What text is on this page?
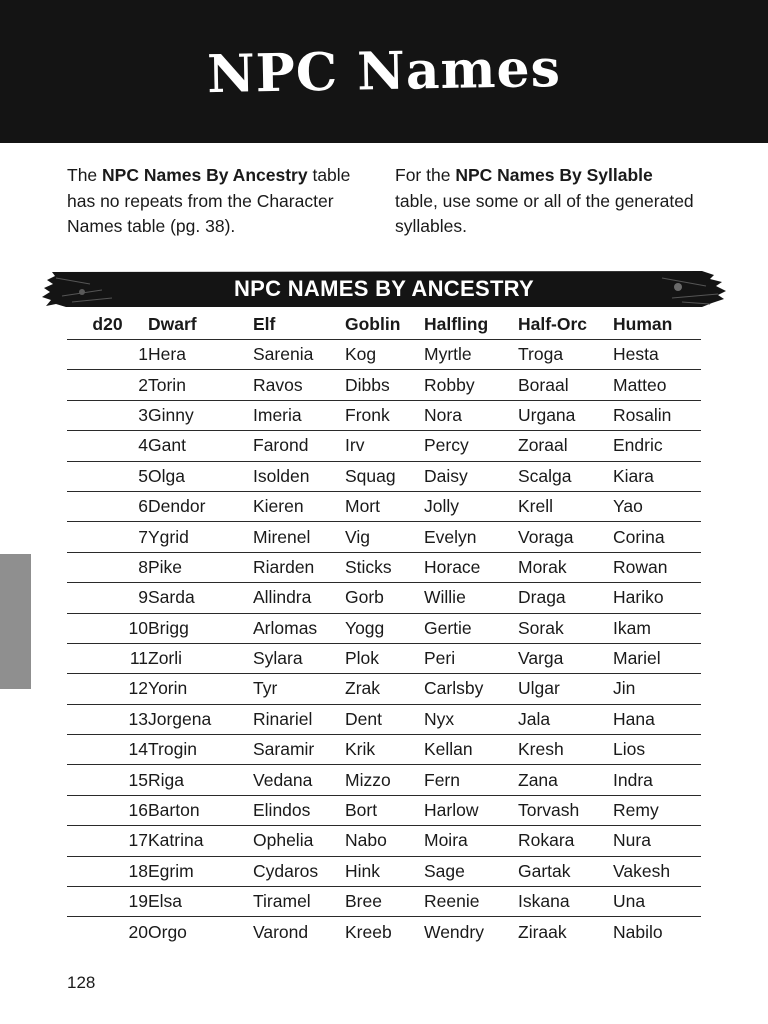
NPC Names
The NPC Names By Ancestry table has no repeats from the Character Names table (pg. 38).
For the NPC Names By Syllable table, use some or all of the generated syllables.
NPC NAMES BY ANCESTRY
d20	Dwarf	Elf	Goblin	Halfling	Half-Orc	Human
1	Hera	Sarenia	Kog	Myrtle	Troga	Hesta
2	Torin	Ravos	Dibbs	Robby	Boraal	Matteo
3	Ginny	Imeria	Fronk	Nora	Urgana	Rosalin
4	Gant	Farond	Irv	Percy	Zoraal	Endric
5	Olga	Isolden	Squag	Daisy	Scalga	Kiara
6	Dendor	Kieren	Mort	Jolly	Krell	Yao
7	Ygrid	Mirenel	Vig	Evelyn	Voraga	Corina
8	Pike	Riarden	Sticks	Horace	Morak	Rowan
9	Sarda	Allindra	Gorb	Willie	Draga	Hariko
10	Brigg	Arlomas	Yogg	Gertie	Sorak	Ikam
11	Zorli	Sylara	Plok	Peri	Varga	Mariel
12	Yorin	Tyr	Zrak	Carlsby	Ulgar	Jin
13	Jorgena	Rinariel	Dent	Nyx	Jala	Hana
14	Trogin	Saramir	Krik	Kellan	Kresh	Lios
15	Riga	Vedana	Mizzo	Fern	Zana	Indra
16	Barton	Elindos	Bort	Harlow	Torvash	Remy
17	Katrina	Ophelia	Nabo	Moira	Rokara	Nura
18	Egrim	Cydaros	Hink	Sage	Gartak	Vakesh
19	Elsa	Tiramel	Bree	Reenie	Iskana	Una
20	Orgo	Varond	Kreeb	Wendry	Ziraak	Nabilo
128
